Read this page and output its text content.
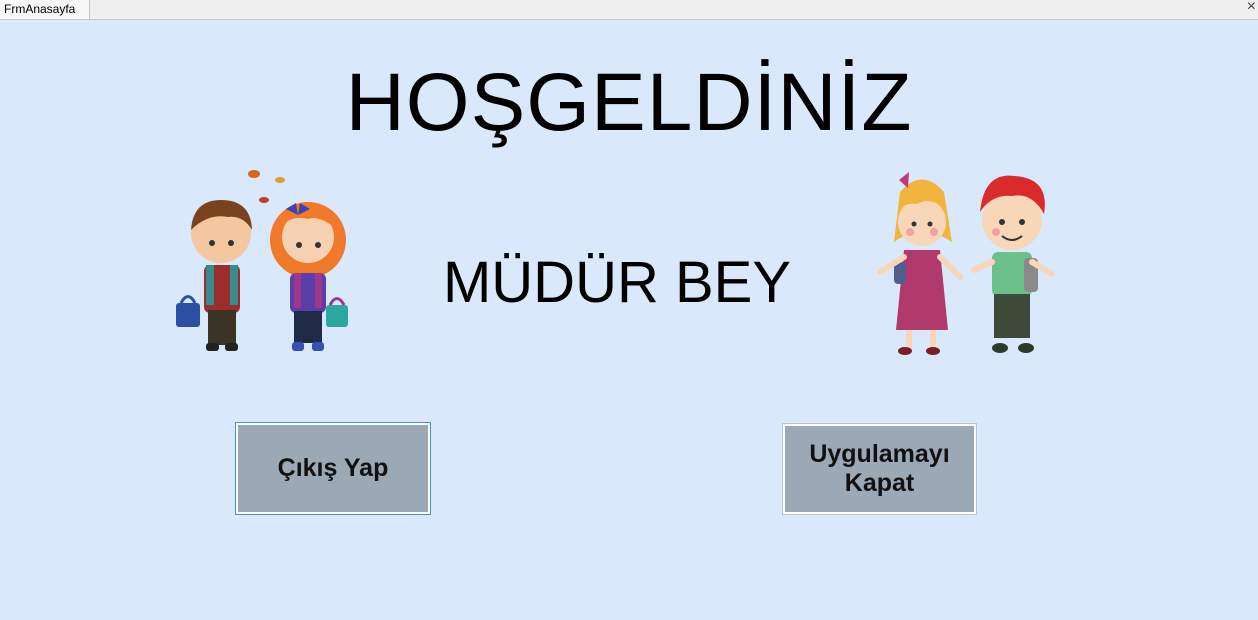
FrmAnasayfa	×
HOŞGELDİNİZ
MÜDÜR BEY
Çıkış Yap	Uygulamayı Kapat
